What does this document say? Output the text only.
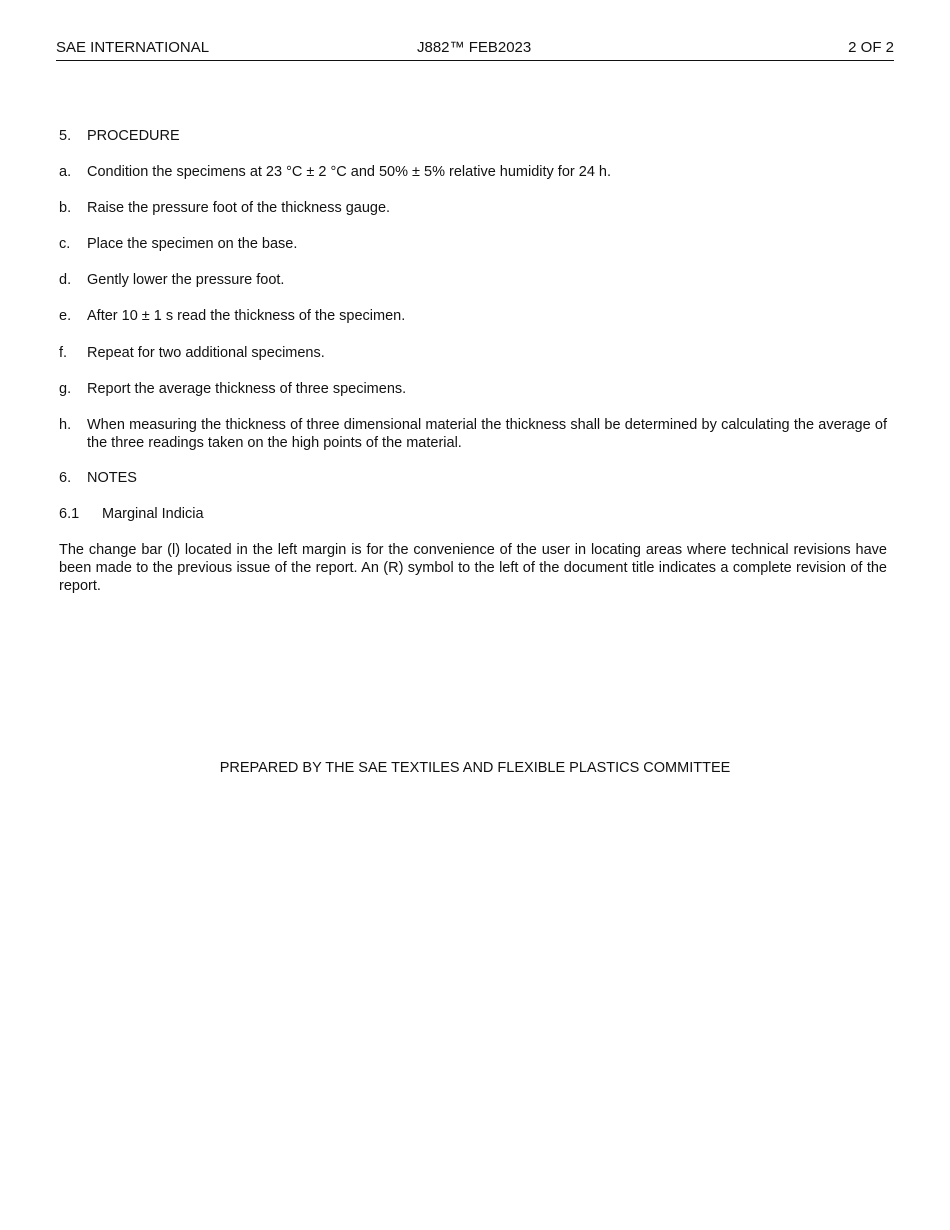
SAE INTERNATIONAL	J882™ FEB2023	2 OF 2
5. PROCEDURE
a. Condition the specimens at 23 °C ± 2 °C and 50% ± 5% relative humidity for 24 h.
b. Raise the pressure foot of the thickness gauge.
c. Place the specimen on the base.
d. Gently lower the pressure foot.
e. After 10 ± 1 s read the thickness of the specimen.
f. Repeat for two additional specimens.
g. Report the average thickness of three specimens.
h. When measuring the thickness of three dimensional material the thickness shall be determined by calculating the average of the three readings taken on the high points of the material.
6. NOTES
6.1 Marginal Indicia
The change bar (l) located in the left margin is for the convenience of the user in locating areas where technical revisions have been made to the previous issue of the report. An (R) symbol to the left of the document title indicates a complete revision of the report.
PREPARED BY THE SAE TEXTILES AND FLEXIBLE PLASTICS COMMITTEE
